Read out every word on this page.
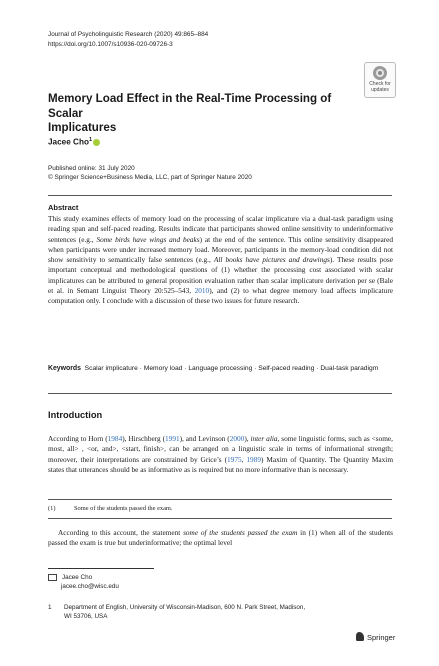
Journal of Psycholinguistic Research (2020) 49:865–884
https://doi.org/10.1007/s10936-020-09726-3
Check for
updates
Memory Load Effect in the Real-Time Processing of Scalar
Implicatures
Jacee Cho$^1$
Published online: 31 July 2020
© Springer Science+Business Media, LLC, part of Springer Nature 2020
Abstract
This study examines effects of memory load on the processing of scalar implicature via a dual-task paradigm using reading span and self-paced reading. Results indicate that participants showed online sensitivity to underinformative sentences (e.g., Some birds have wings and beaks) at the end of the sentence. This online sensitivity disappeared when participants were under increased memory load. Moreover, participants in the memory-load condition did not show sensitivity to semantically false sentences (e.g., All books have pictures and drawings). These results pose important conceptual and methodological questions of (1) whether the processing cost associated with scalar implicatures can be attributed to general proposition evaluation rather than scalar implicature derivation per se (Bale et al. in Semant Linguist Theory 20:525–543, 2010), and (2) to what degree memory load affects implicature computation only. I conclude with a discussion of these two issues for future research.
Keywords Scalar implicature · Memory load · Language processing · Self-paced reading · Dual-task paradigm
Introduction
According to Horn (1984), Hirschberg (1991), and Levinson (2000), inter alia, some linguistic forms, such as <some, most, all> , <or, and>, <start, finish>, can be arranged on a linguistic scale in terms of informational strength; moreover, their interpretations are constrained by Grice’s (1975, 1989) Maxim of Quantity. The Quantity Maxim states that utterances should be as informative as is required but no more informative than is necessary.
(1)	Some of the students passed the exam.
According to this account, the statement some of the students passed the exam in (1) when all of the students passed the exam is true but underinformative; the optimal level
Jacee Cho
jacee.cho@wisc.edu
1 Department of English, University of Wisconsin-Madison, 600 N. Park Street, Madison,
WI 53706, USA
Springer
